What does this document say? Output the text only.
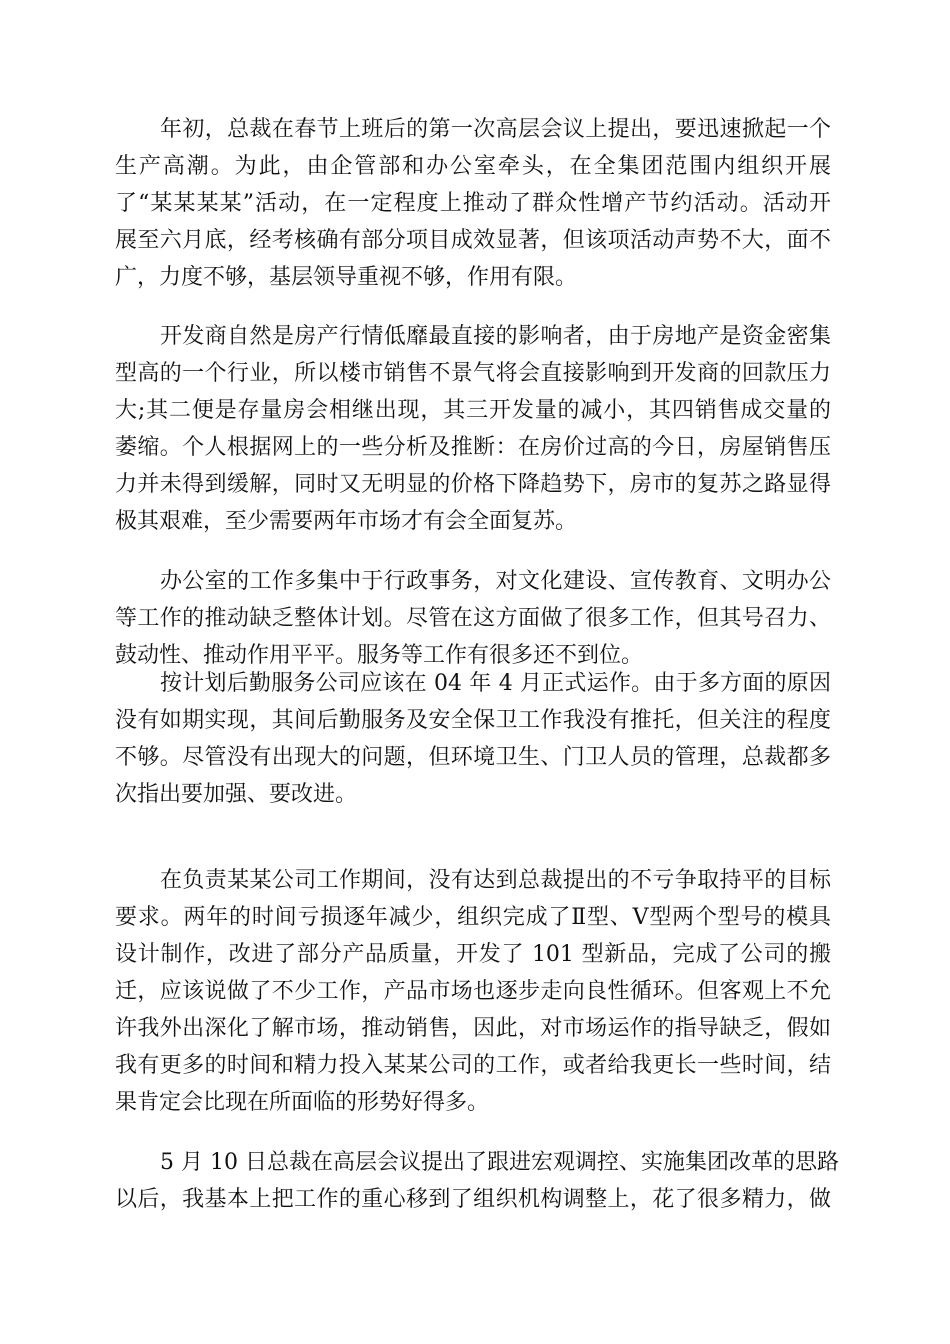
年初，总裁在春节上班后的第一次高层会议上提出，要迅速掀起一个
生产高潮。为此，由企管部和办公室牵头，在全集团范围内组织开展
了“某某某某”活动，在一定程度上推动了群众性增产节约活动。活动开
展至六月底，经考核确有部分项目成效显著，但该项活动声势不大，面不
广，力度不够，基层领导重视不够，作用有限。
开发商自然是房产行情低靡最直接的影响者，由于房地产是资金密集
型高的一个行业，所以楼市销售不景气将会直接影响到开发商的回款压力
大;其二便是存量房会相继出现，其三开发量的减小，其四销售成交量的
萎缩。个人根据网上的一些分析及推断：在房价过高的今日，房屋销售压
力并未得到缓解，同时又无明显的价格下降趋势下，房市的复苏之路显得
极其艰难，至少需要两年市场才有会全面复苏。
办公室的工作多集中于行政事务，对文化建设、宣传教育、文明办公
等工作的推动缺乏整体计划。尽管在这方面做了很多工作，但其号召力、
鼓动性、推动作用平平。服务等工作有很多还不到位。
按计划后勤服务公司应该在 04 年 4 月正式运作。由于多方面的原因
没有如期实现，其间后勤服务及安全保卫工作我没有推托，但关注的程度
不够。尽管没有出现大的问题，但环境卫生、门卫人员的管理，总裁都多
次指出要加强、要改进。
在负责某某公司工作期间，没有达到总裁提出的不亏争取持平的目标
要求。两年的时间亏损逐年减少，组织完成了Ⅱ型、Ⅴ型两个型号的模具
设计制作，改进了部分产品质量，开发了 101 型新品，完成了公司的搬
迁，应该说做了不少工作，产品市场也逐步走向良性循环。但客观上不允
许我外出深化了解市场，推动销售，因此，对市场运作的指导缺乏，假如
我有更多的时间和精力投入某某公司的工作，或者给我更长一些时间，结
果肯定会比现在所面临的形势好得多。
5 月 10 日总裁在高层会议提出了跟进宏观调控、实施集团改革的思路
以后，我基本上把工作的重心移到了组织机构调整上，花了很多精力，做
